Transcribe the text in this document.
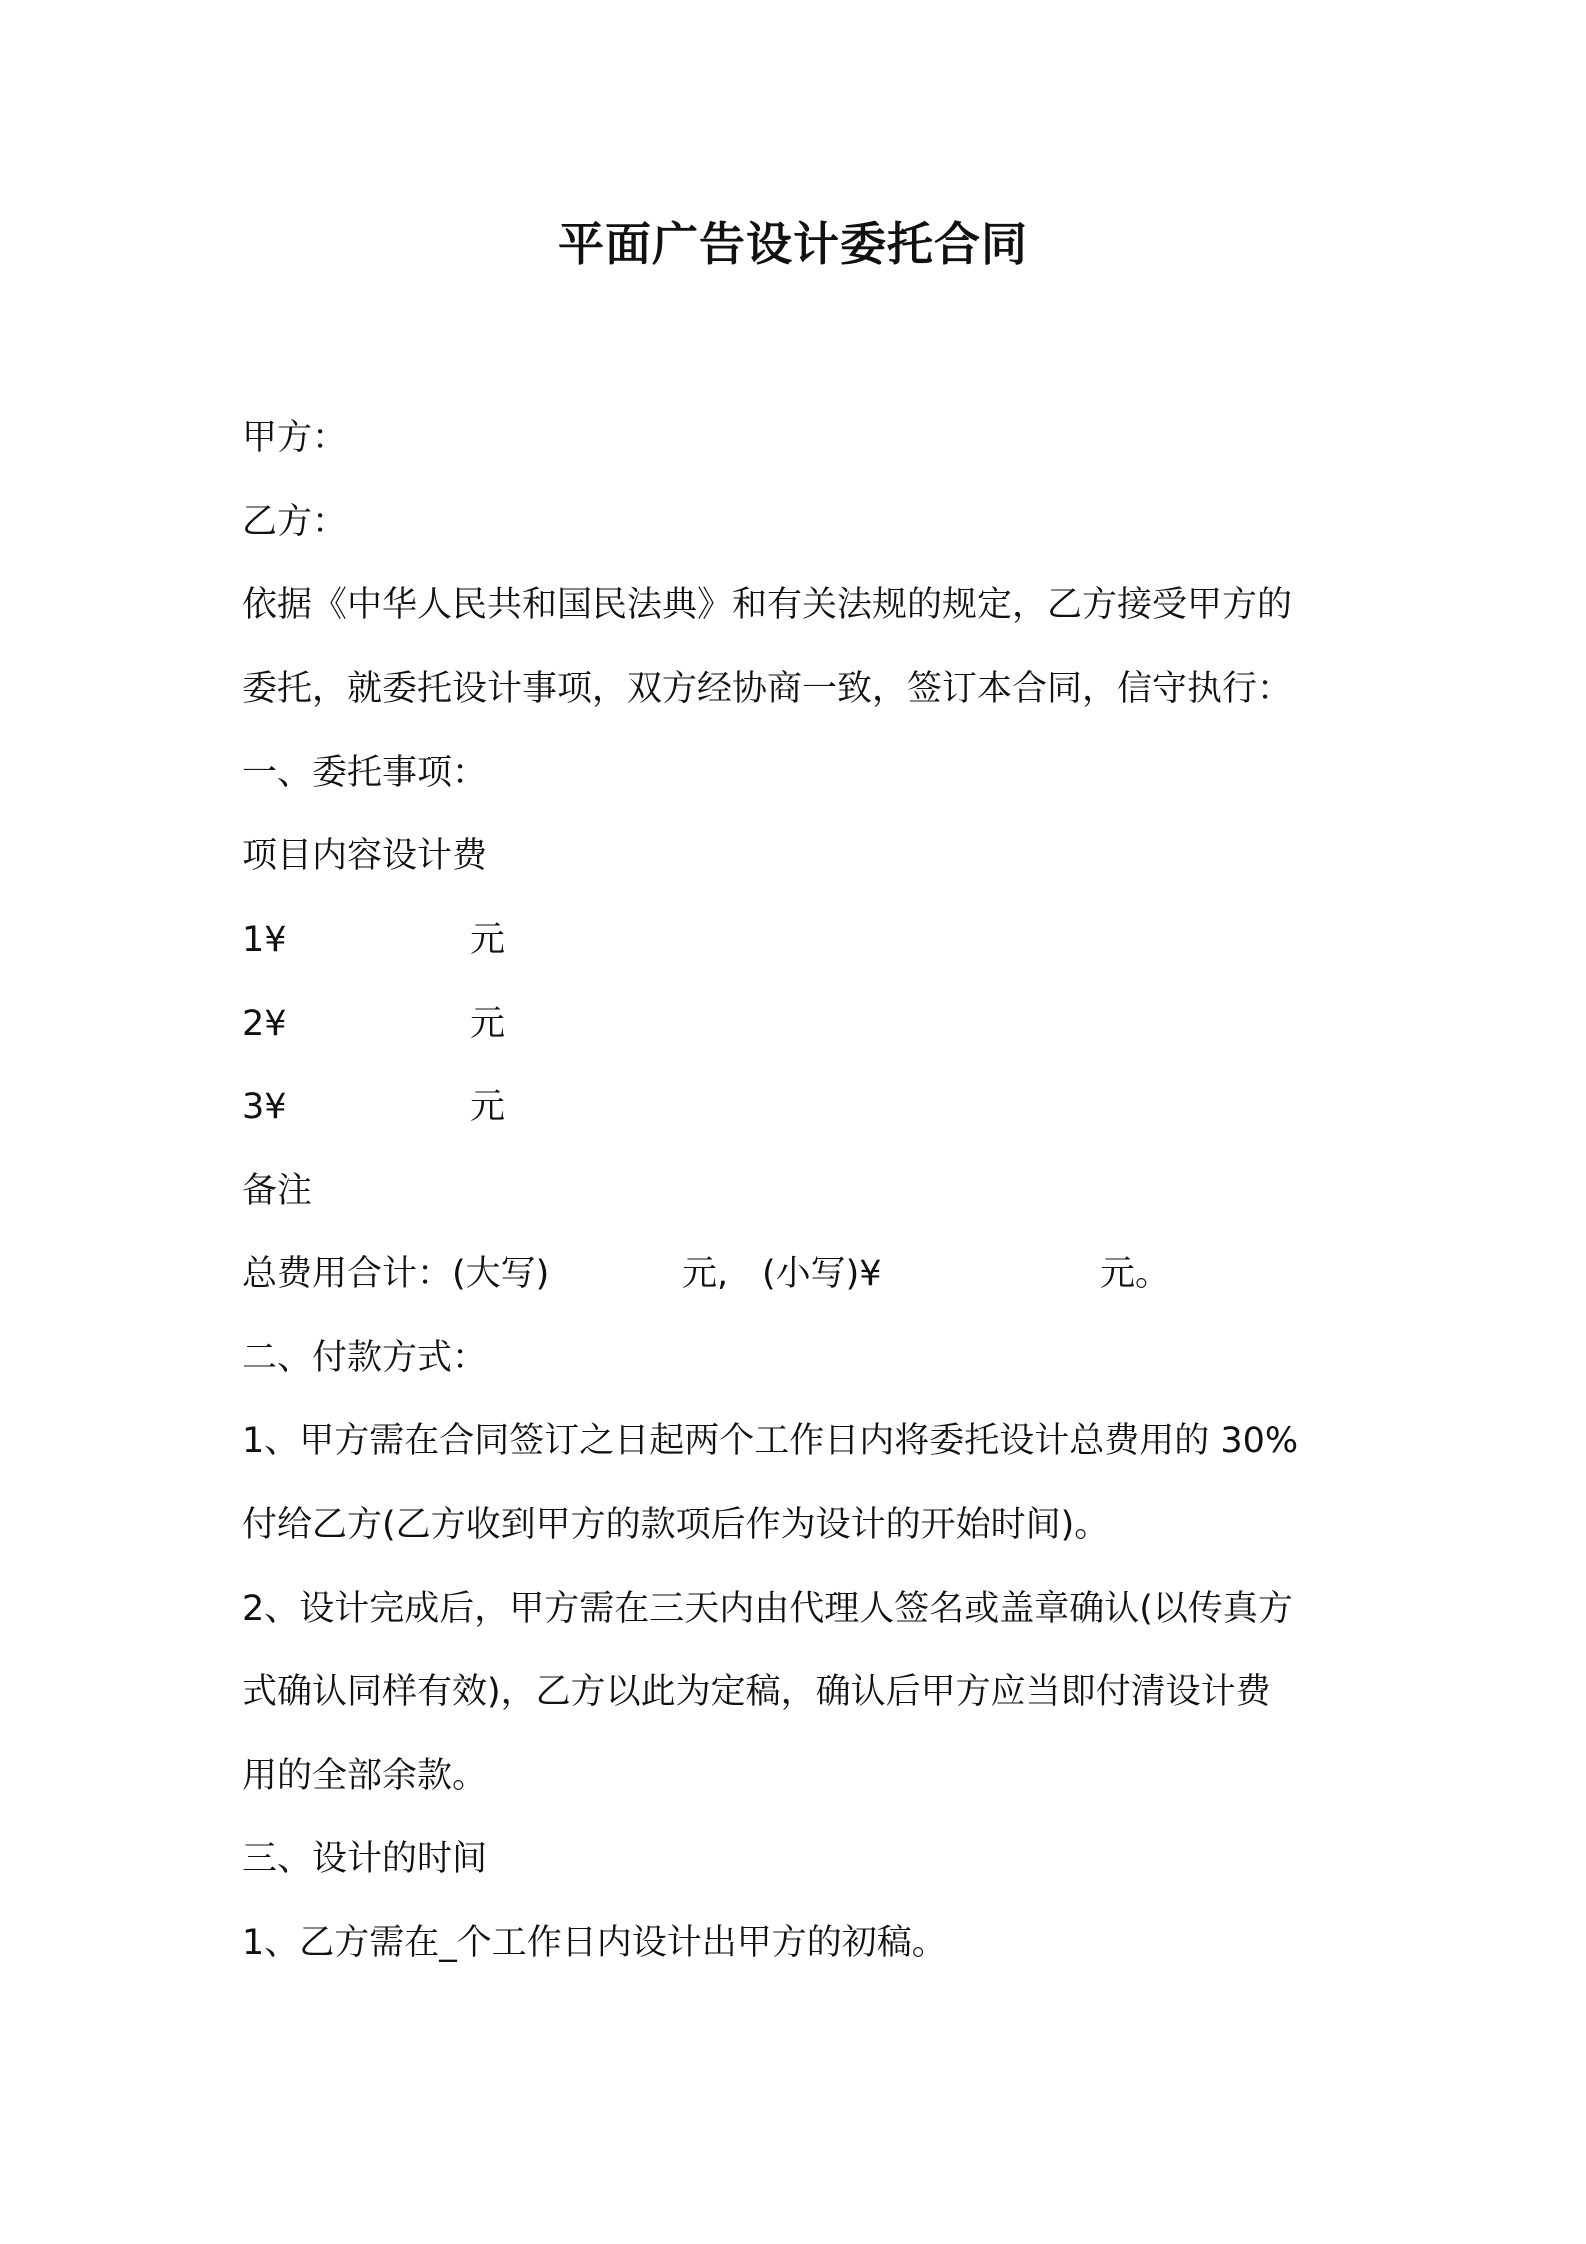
平面广告设计委托合同
甲方：
乙方：
依据《中华人民共和国民法典》和有关法规的规定，乙方接受甲方的
委托，就委托设计事项，双方经协商一致，签订本合同，信守执行：
一、委托事项：
项目内容设计费
1¥	元
2¥	元
3¥	元
备注
总费用合计：(大写)	元, (小写)¥	元。
二、付款方式：
1、甲方需在合同签订之日起两个工作日内将委托设计总费用的 30%
付给乙方(乙方收到甲方的款项后作为设计的开始时间)。
2、设计完成后，甲方需在三天内由代理人签名或盖章确认(以传真方
式确认同样有效)，乙方以此为定稿，确认后甲方应当即付清设计费
用的全部余款。
三、设计的时间
1、乙方需在_个工作日内设计出甲方的初稿。
